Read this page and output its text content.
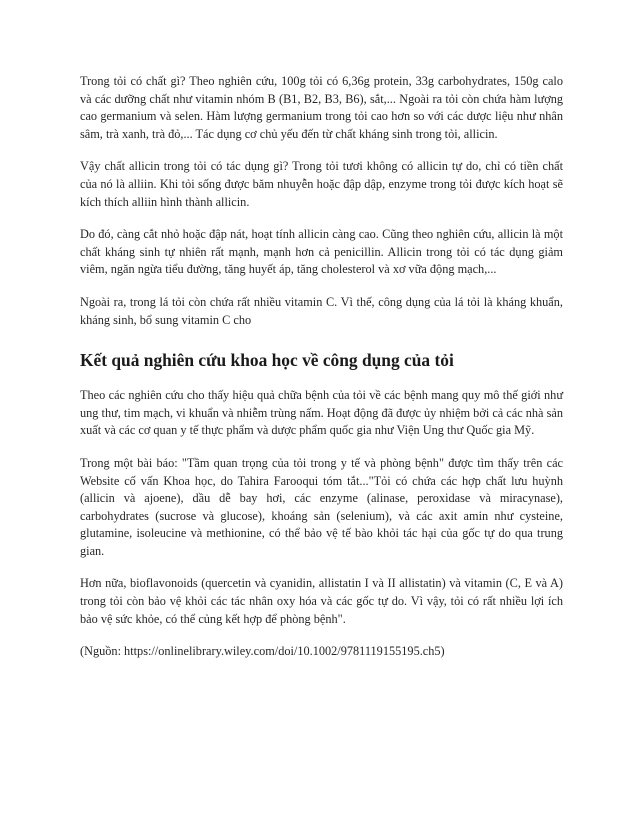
Trong tỏi có chất gì? Theo nghiên cứu, 100g tỏi có 6,36g protein, 33g carbohydrates, 150g calo và các dưỡng chất như vitamin nhóm B (B1, B2, B3, B6), sắt,... Ngoài ra tỏi còn chứa hàm lượng cao germanium và selen. Hàm lượng germanium trong tỏi cao hơn so với các dược liệu như nhân sâm, trà xanh, trà đỏ,... Tác dụng cơ chủ yếu đến từ chất kháng sinh trong tỏi, allicin.

Vậy chất allicin trong tỏi có tác dụng gì? Trong tỏi tươi không có allicin tự do, chỉ có tiền chất của nó là alliin. Khi tỏi sống được băm nhuyễn hoặc đập dập, enzyme trong tỏi được kích hoạt sẽ kích thích alliin hình thành allicin.

Do đó, càng cắt nhỏ hoặc đập nát, hoạt tính allicin càng cao. Cũng theo nghiên cứu, allicin là một chất kháng sinh tự nhiên rất mạnh, mạnh hơn cả penicillin. Allicin trong tỏi có tác dụng giảm viêm, ngăn ngừa tiểu đường, tăng huyết áp, tăng cholesterol và xơ vữa động mạch,...

Ngoài ra, trong lá tỏi còn chứa rất nhiều vitamin C. Vì thế, công dụng của lá tỏi là kháng khuẩn, kháng sinh, bổ sung vitamin C cho

Kết quả nghiên cứu khoa học về công dụng của tỏi

Theo các nghiên cứu cho thấy hiệu quả chữa bệnh của tỏi về các bệnh mang quy mô thế giới như ung thư, tim mạch, vi khuẩn và nhiễm trùng nấm. Hoạt động đã được ủy nhiệm bởi cả các nhà sản xuất và các cơ quan y tế thực phẩm và dược phẩm quốc gia như Viện Ung thư Quốc gia Mỹ.

Trong một bài báo: "Tầm quan trọng của tỏi trong y tế và phòng bệnh" được tìm thấy trên các Website cố vấn Khoa học, do Tahira Farooqui tóm tắt..."Tỏi có chứa các hợp chất lưu huỳnh (allicin và ajoene), dầu dễ bay hơi, các enzyme (alinase, peroxidase và miracynase), carbohydrates (sucrose và glucose), khoáng sản (selenium), và các axit amin như cysteine, glutamine, isoleucine và methionine, có thể bảo vệ tế bào khỏi tác hại của gốc tự do qua trung gian.

Hơn nữa, bioflavonoids (quercetin và cyanidin, allistatin I và II allistatin) và vitamin (C, E và A) trong tỏi còn bảo vệ khỏi các tác nhân oxy hóa và các gốc tự do. Vì vậy, tỏi có rất nhiều lợi ích bảo vệ sức khỏe, có thể củng kết hợp để phòng bệnh".

(Nguồn: https://onlinelibrary.wiley.com/doi/10.1002/9781119155195.ch5)
